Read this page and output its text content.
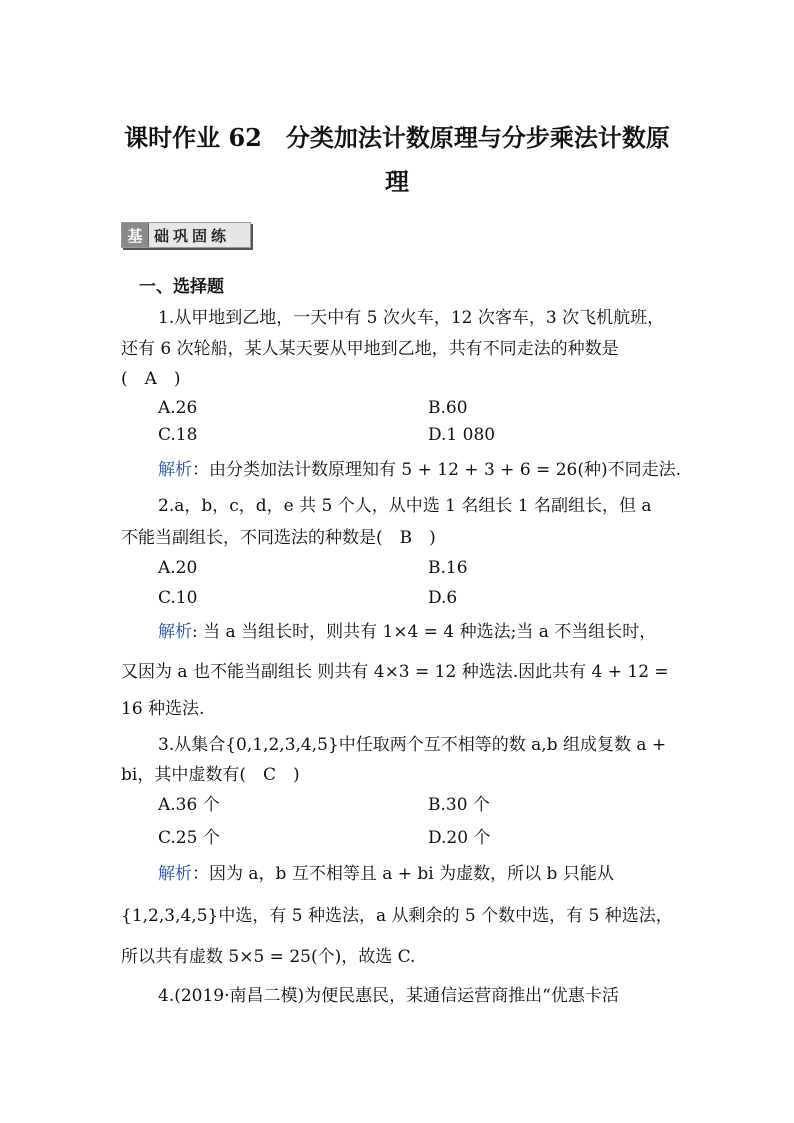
课时作业 62　分类加法计数原理与分步乘法计数原
理
基 础巩固练
一、选择题
1.从甲地到乙地，一天中有 5 次火车，12 次客车，3 次飞机航班，
还有 6 次轮船，某人某天要从甲地到乙地，共有不同走法的种数是
(　A　)
A.26	B.60
C.18	D.1 080
解析：由分类加法计数原理知有 5 + 12 + 3 + 6 = 26(种)不同走法.
2.a，b，c，d，e 共 5 个人，从中选 1 名组长 1 名副组长，但 a
不能当副组长，不同选法的种数是(　B　)
A.20	B.16
C.10	D.6
解析: 当 a 当组长时，则共有 1×4 = 4 种选法;当 a 不当组长时，
又因为 a 也不能当副组长 则共有 4×3 = 12 种选法.因此共有 4 + 12 =
16 种选法.
3.从集合{0,1,2,3,4,5}中任取两个互不相等的数 a,b 组成复数 a +
bi，其中虚数有(　C　)
A.36 个	B.30 个
C.25 个	D.20 个
解析：因为 a，b 互不相等且 a + bi 为虚数，所以 b 只能从
{1,2,3,4,5}中选，有 5 种选法，a 从剩余的 5 个数中选，有 5 种选法，
所以共有虚数 5×5 = 25(个)，故选 C.
4.(2019·南昌二模)为便民惠民，某通信运营商推出“优惠卡活
